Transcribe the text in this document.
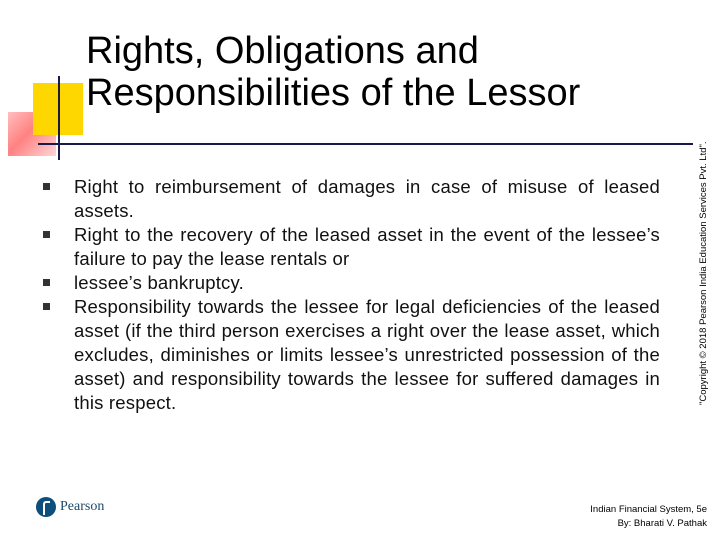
Rights, Obligations and
Responsibilities of the Lessor
"Copyright © 2018 Pearson India Education Services Pvt. Ltd".
Right to reimbursement of damages in case of misuse of leased assets.
Right to the recovery of the leased asset in the event of the lessee’s failure to pay the lease rentals or
lessee’s bankruptcy.
Responsibility towards the lessee for legal deficiencies of the leased asset (if the third person exercises a right over the lease asset, which excludes, diminishes or limits lessee’s unrestricted possession of the asset) and responsibility towards the lessee for suffered damages in this respect.
Pearson	Indian Financial System, 5e
By: Bharati V. Pathak
